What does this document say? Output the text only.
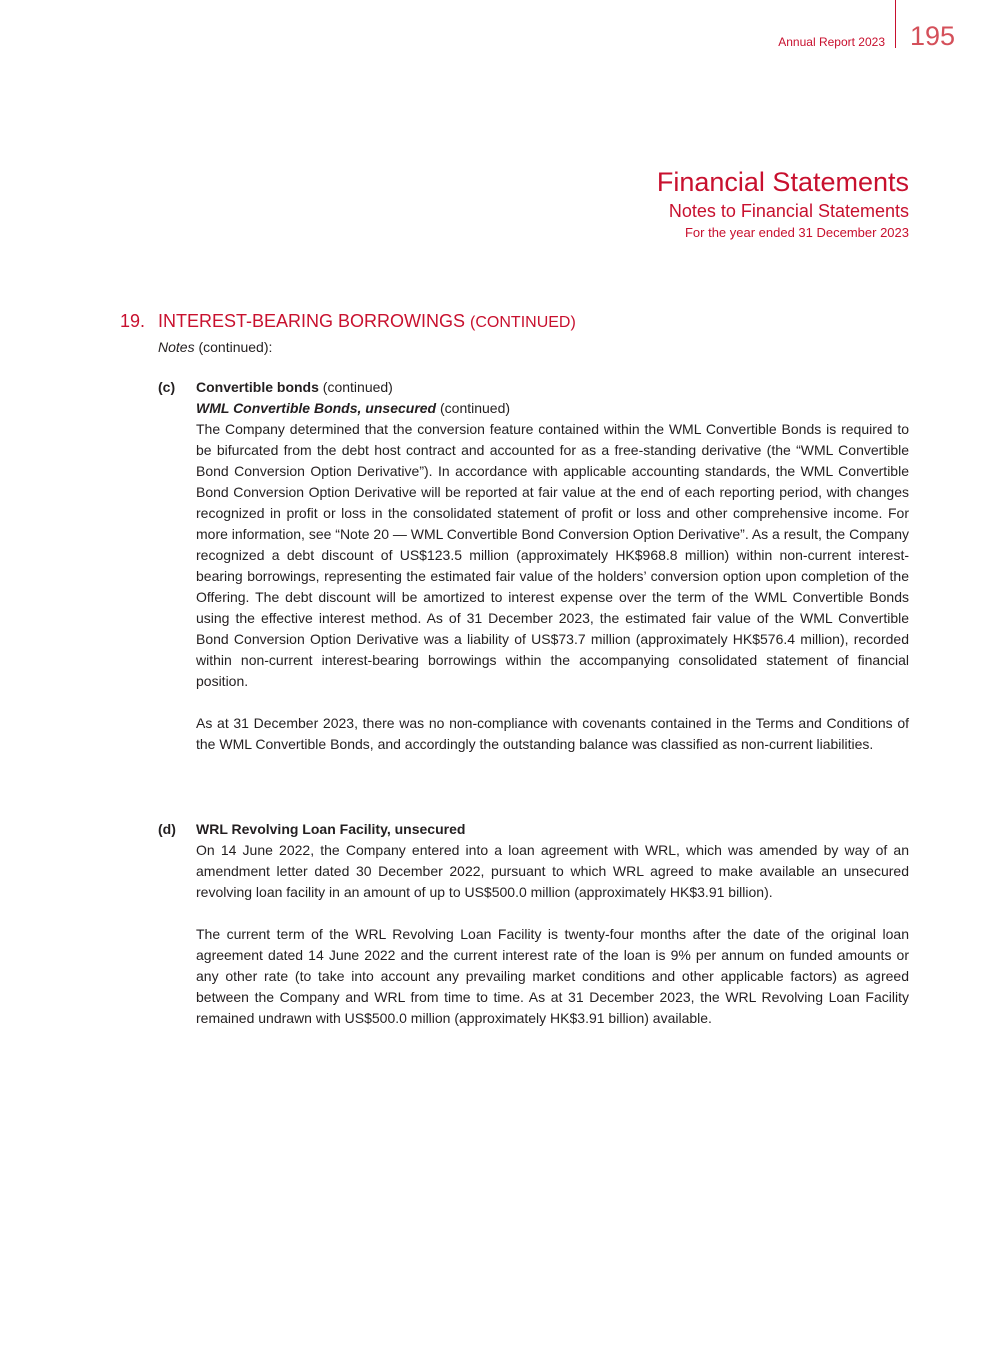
Annual Report 2023 195
Financial Statements
Notes to Financial Statements
For the year ended 31 December 2023
19. INTEREST-BEARING BORROWINGS (CONTINUED)
Notes (continued):
(c) Convertible bonds (continued)
WML Convertible Bonds, unsecured (continued)

The Company determined that the conversion feature contained within the WML Convertible Bonds is required to be bifurcated from the debt host contract and accounted for as a free-standing derivative (the “WML Convertible Bond Conversion Option Derivative”). In accordance with applicable accounting standards, the WML Convertible Bond Conversion Option Derivative will be reported at fair value at the end of each reporting period, with changes recognized in profit or loss in the consolidated statement of profit or loss and other comprehensive income. For more information, see “Note 20 — WML Convertible Bond Conversion Option Derivative”. As a result, the Company recognized a debt discount of US$123.5 million (approximately HK$968.8 million) within non-current interest-bearing borrowings, representing the estimated fair value of the holders’ conversion option upon completion of the Offering. The debt discount will be amortized to interest expense over the term of the WML Convertible Bonds using the effective interest method. As of 31 December 2023, the estimated fair value of the WML Convertible Bond Conversion Option Derivative was a liability of US$73.7 million (approximately HK$576.4 million), recorded within non-current interest-bearing borrowings within the accompanying consolidated statement of financial position.

As at 31 December 2023, there was no non-compliance with covenants contained in the Terms and Conditions of the WML Convertible Bonds, and accordingly the outstanding balance was classified as non-current liabilities.

(d) WRL Revolving Loan Facility, unsecured

On 14 June 2022, the Company entered into a loan agreement with WRL, which was amended by way of an amendment letter dated 30 December 2022, pursuant to which WRL agreed to make available an unsecured revolving loan facility in an amount of up to US$500.0 million (approximately HK$3.91 billion).

The current term of the WRL Revolving Loan Facility is twenty-four months after the date of the original loan agreement dated 14 June 2022 and the current interest rate of the loan is 9% per annum on funded amounts or any other rate (to take into account any prevailing market conditions and other applicable factors) as agreed between the Company and WRL from time to time. As at 31 December 2023, the WRL Revolving Loan Facility remained undrawn with US$500.0 million (approximately HK$3.91 billion) available.
